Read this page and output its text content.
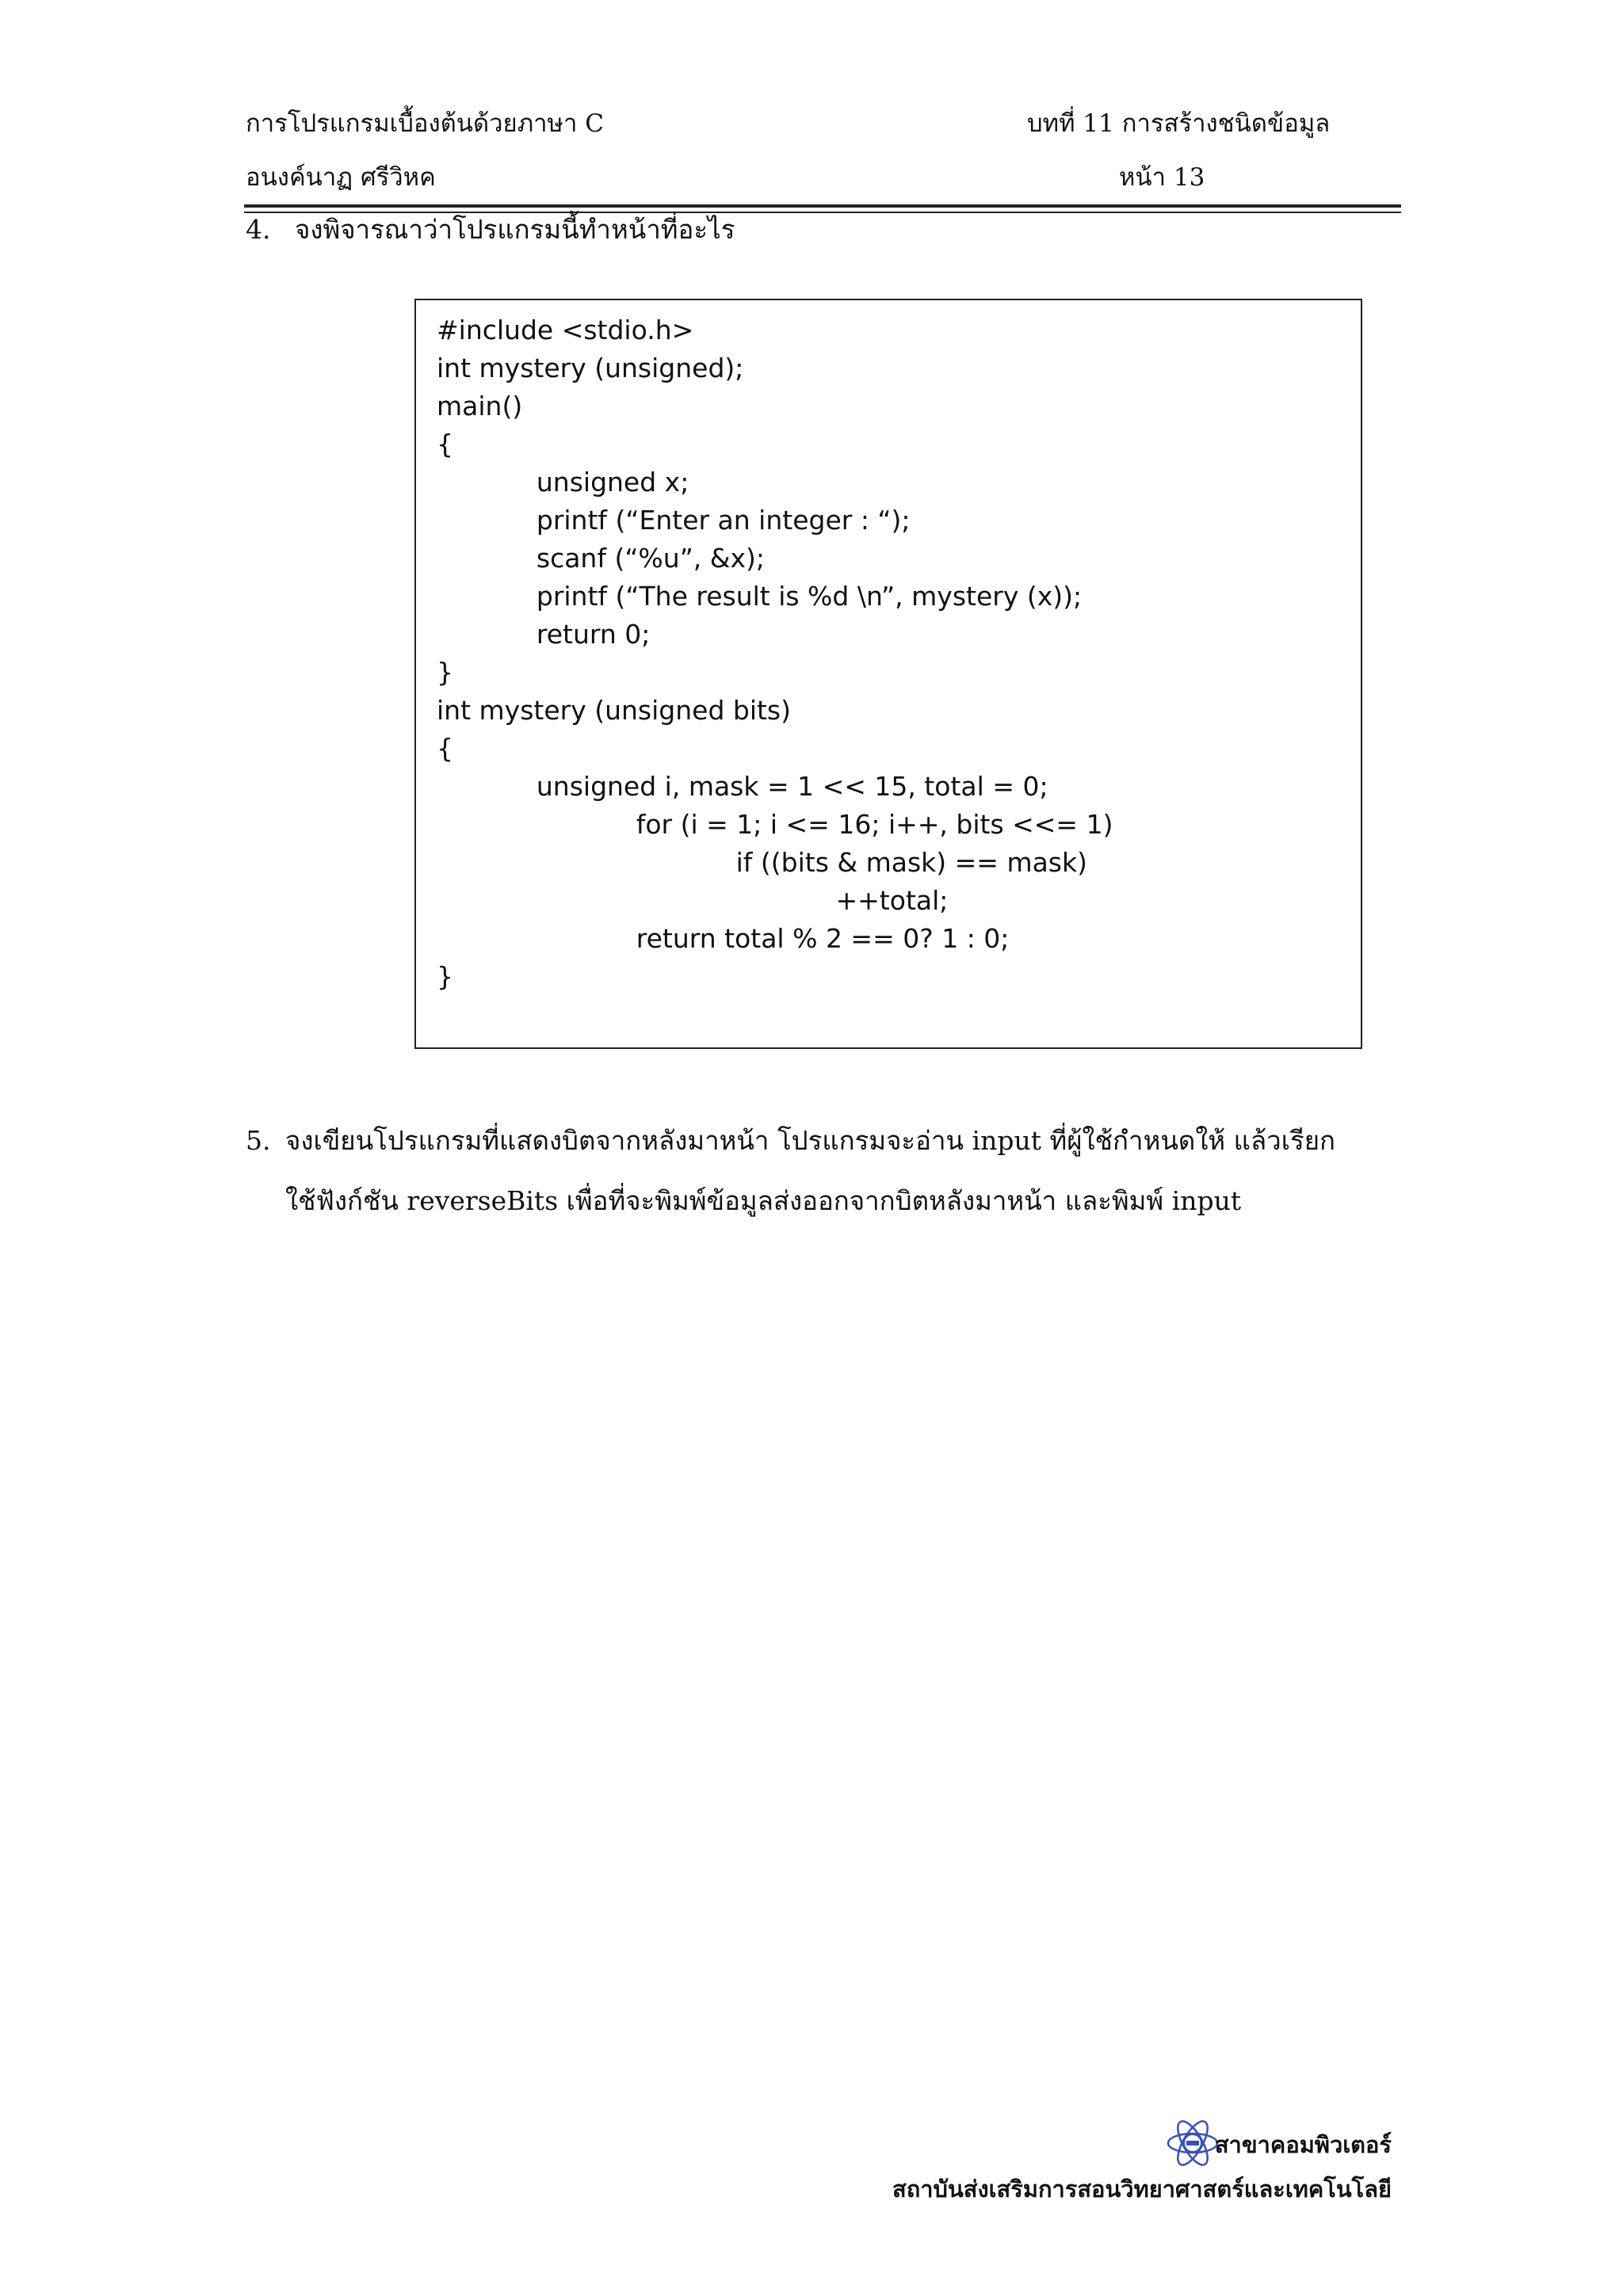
การโปรแกรมเบื้องต้นด้วยภาษา C	บทที่ 11 การสร้างชนิดข้อมูล
อนงค์นาฏ ศรีวิหค	หน้า 13
4. จงพิจารณาว่าโปรแกรมนี้ทำหน้าที่อะไร
#include <stdio.h>
int mystery (unsigned);
main()
{
unsigned x;
printf (“Enter an integer : “);
scanf (“%u”, &x);
printf (“The result is %d \n”, mystery (x));
return 0;
}
int mystery (unsigned bits)
{
unsigned i, mask = 1 << 15, total = 0;
for (i = 1; i <= 16; i++, bits <<= 1)
if ((bits & mask) == mask)
++total;
return total % 2 == 0? 1 : 0;
}
5. จงเขียนโปรแกรมที่แสดงบิตจากหลังมาหน้า โปรแกรมจะอ่าน input ที่ผู้ใช้กำหนดให้ แล้วเรียก
ใช้ฟังก์ชัน reverseBits เพื่อที่จะพิมพ์ข้อมูลส่งออกจากบิตหลังมาหน้า และพิมพ์ input
สาขาคอมพิวเตอร์
สถาบันส่งเสริมการสอนวิทยาศาสตร์และเทคโนโลยี
